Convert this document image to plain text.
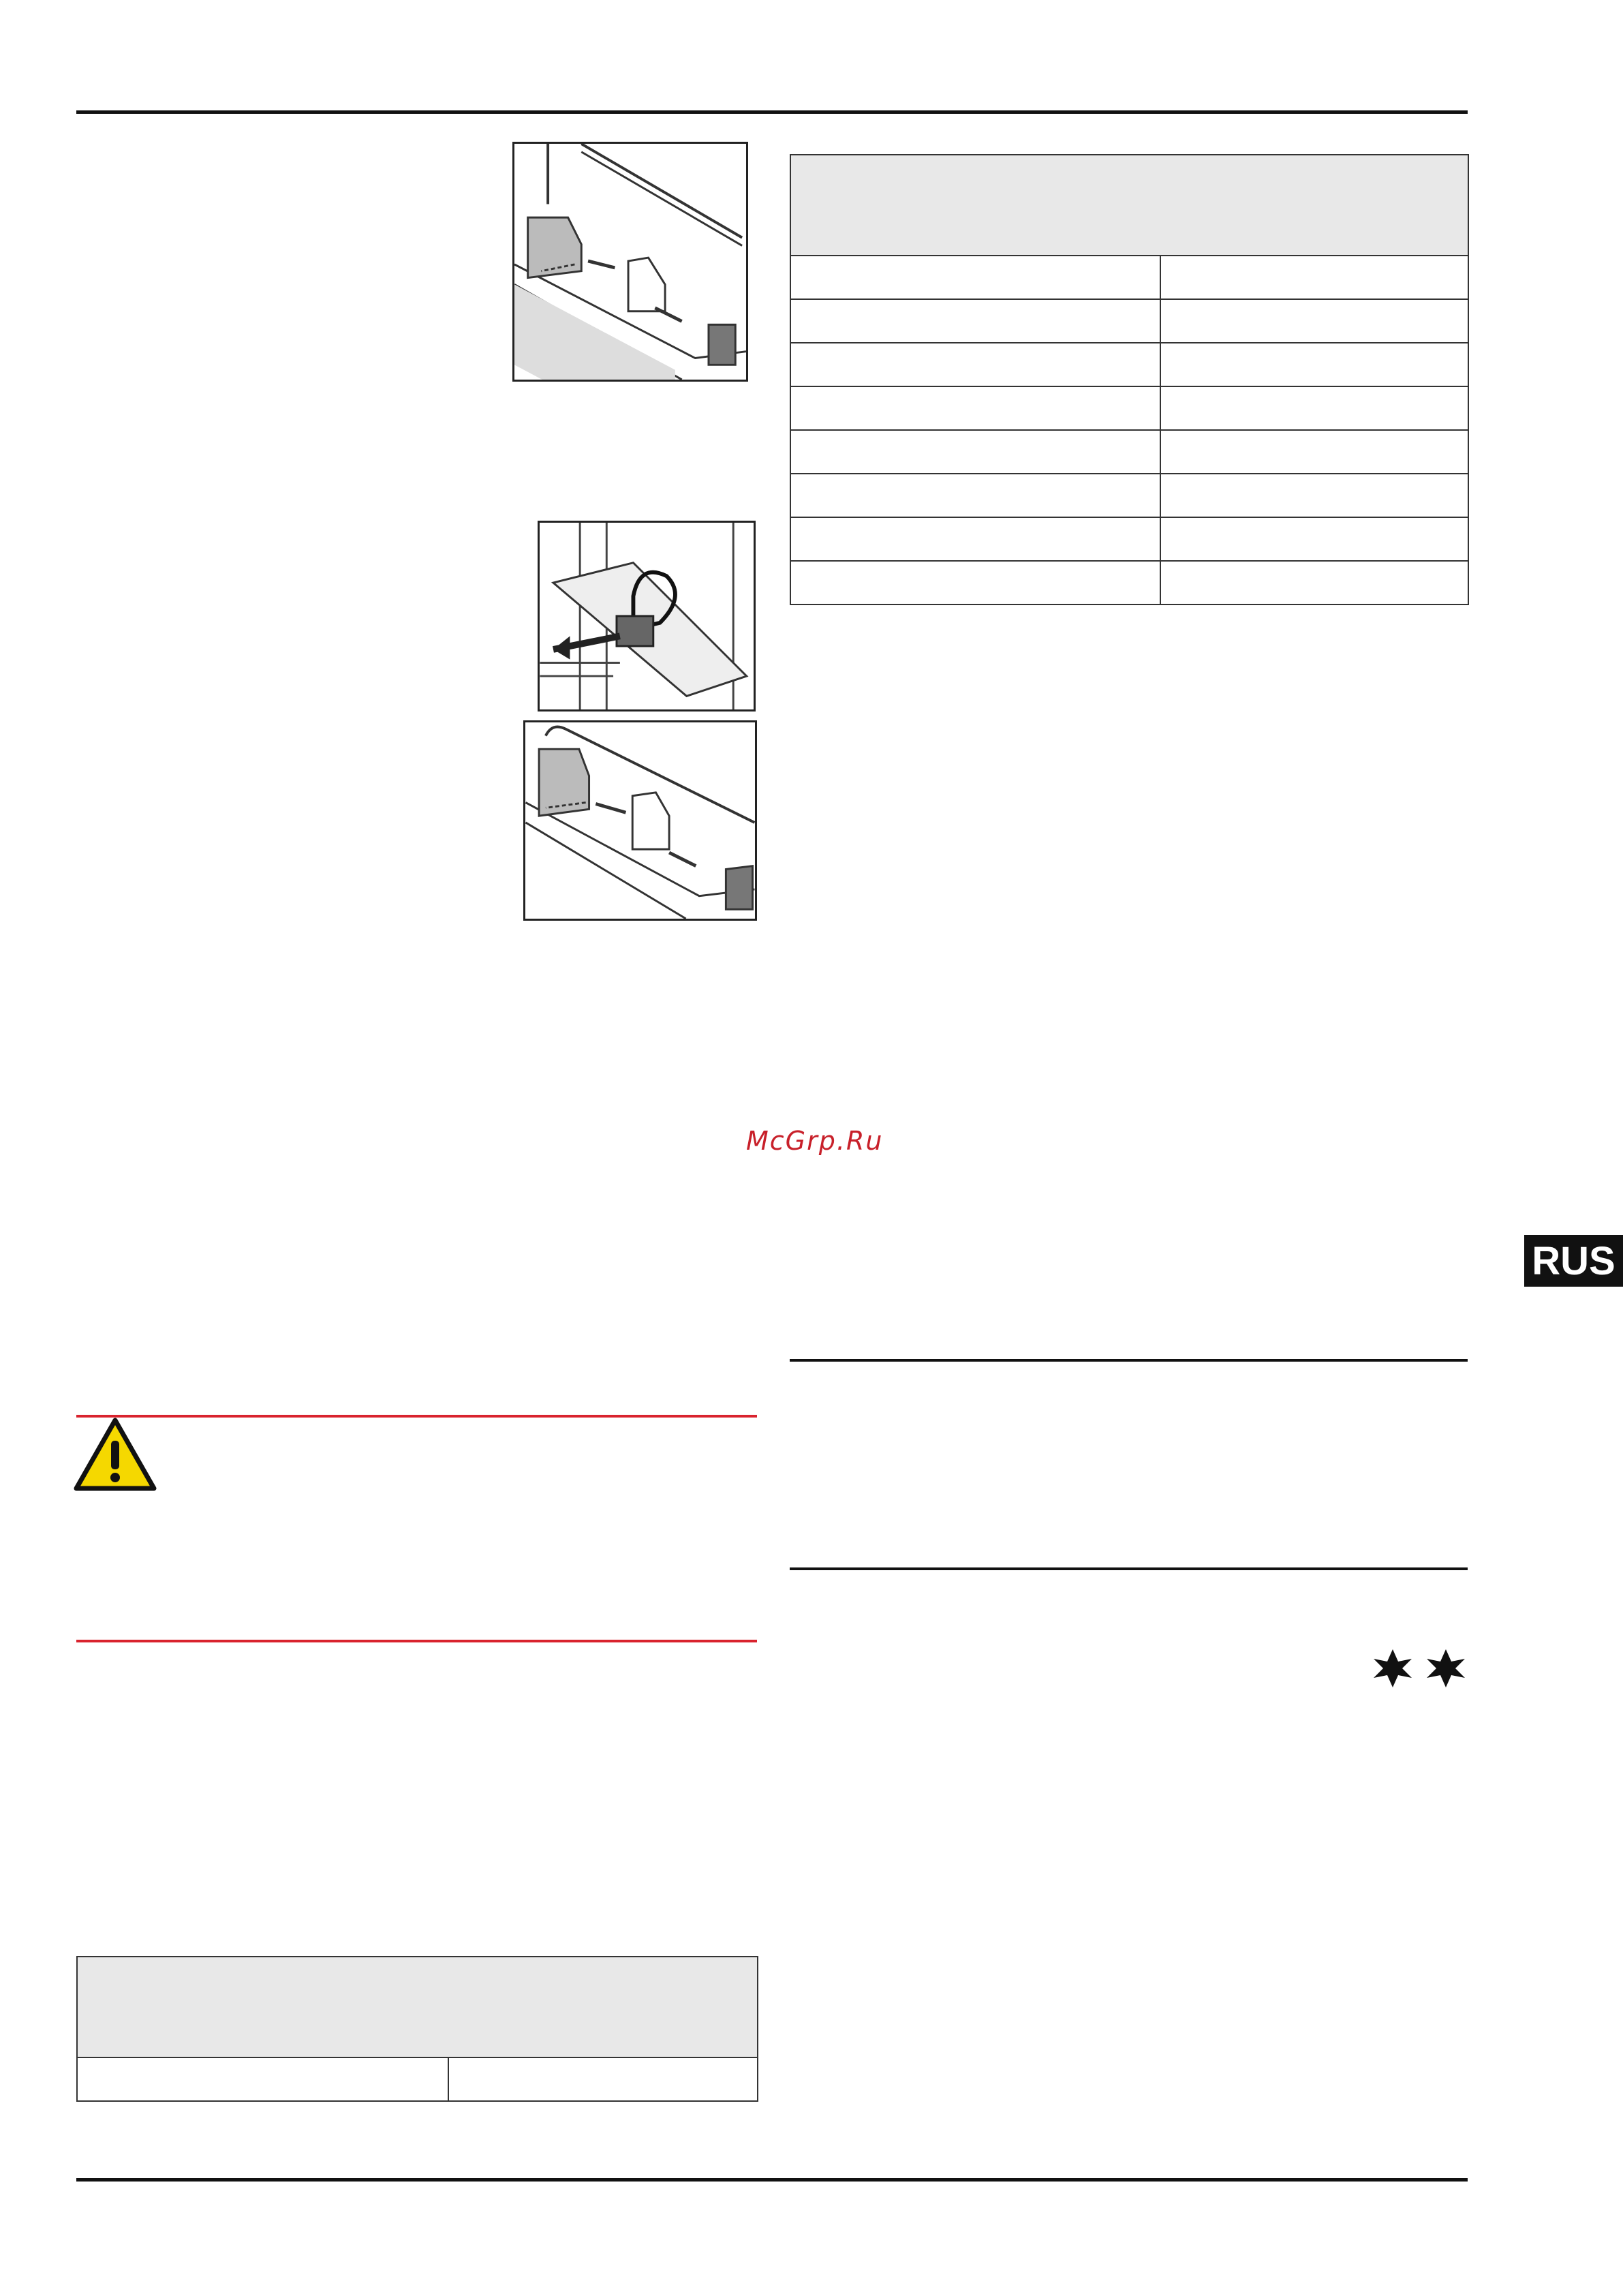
McGrp.Ru
RUS
